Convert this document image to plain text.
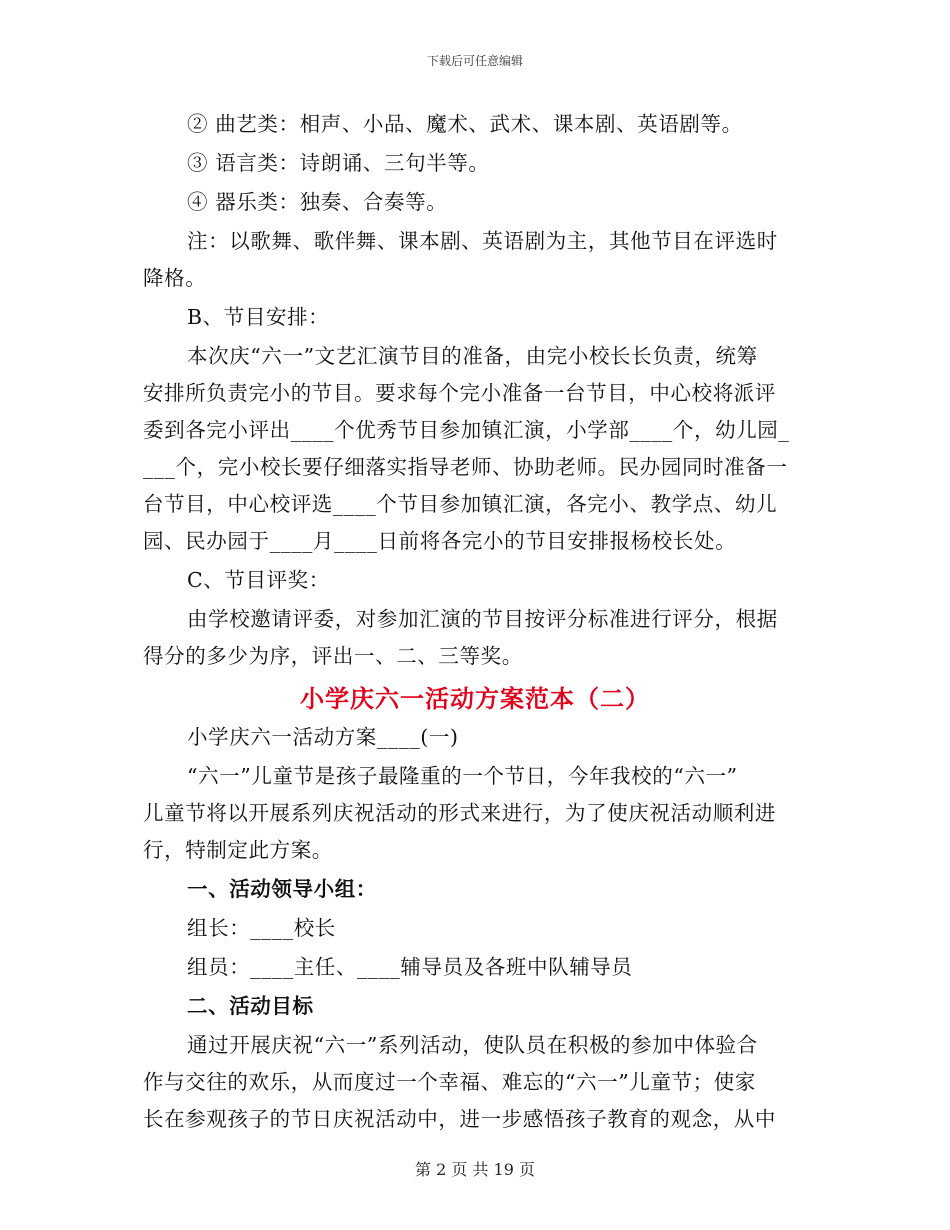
下载后可任意编辑
② 曲艺类：相声、小品、魔术、武术、课本剧、英语剧等。
③ 语言类：诗朗诵、三句半等。
④ 器乐类：独奏、合奏等。
注：以歌舞、歌伴舞、课本剧、英语剧为主，其他节目在评选时
降格。
B、节目安排：
本次庆“六一”文艺汇演节目的准备，由完小校长长负责，统筹
安排所负责完小的节目。要求每个完小准备一台节目，中心校将派评
委到各完小评出____个优秀节目参加镇汇演，小学部____个，幼儿园_
___个，完小校长要仔细落实指导老师、协助老师。民办园同时准备一
台节目，中心校评选____个节目参加镇汇演，各完小、教学点、幼儿
园、民办园于____月____日前将各完小的节目安排报杨校长处。
C、节目评奖：
由学校邀请评委，对参加汇演的节目按评分标准进行评分，根据
得分的多少为序，评出一、二、三等奖。
小学庆六一活动方案范本（二）
小学庆六一活动方案____(一)
“六一”儿童节是孩子最隆重的一个节日，今年我校的“六一”
儿童节将以开展系列庆祝活动的形式来进行，为了使庆祝活动顺利进
行，特制定此方案。
一、活动领导小组：
组长：____校长
组员：____主任、____辅导员及各班中队辅导员
二、活动目标
通过开展庆祝“六一”系列活动，使队员在积极的参加中体验合
作与交往的欢乐，从而度过一个幸福、难忘的“六一”儿童节；使家
长在参观孩子的节日庆祝活动中，进一步感悟孩子教育的观念，从中
第 2 页 共 19 页
